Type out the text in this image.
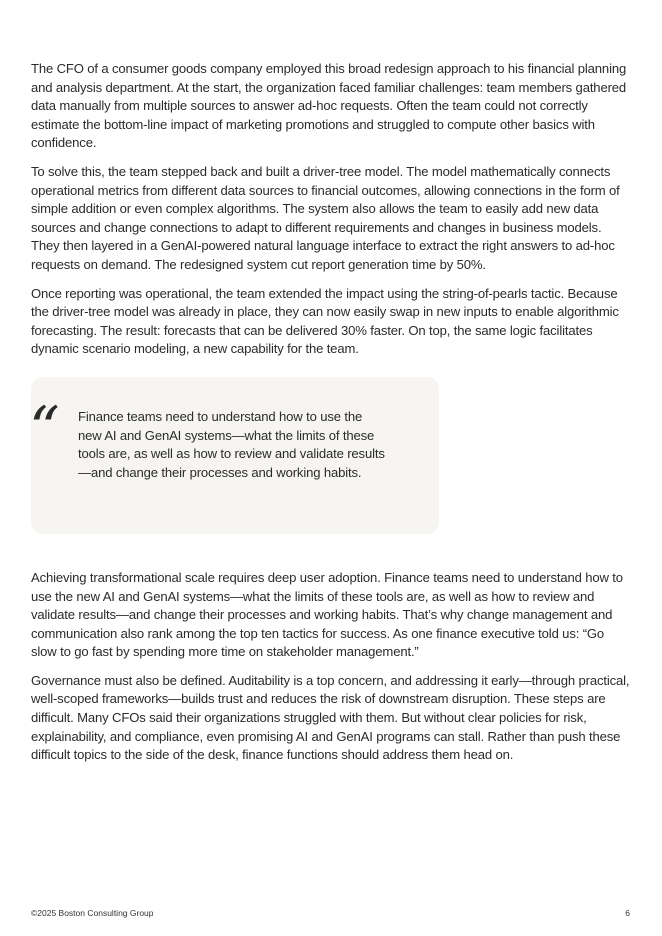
The CFO of a consumer goods company employed this broad redesign approach to his financial planning and analysis department. At the start, the organization faced familiar challenges: team members gathered data manually from multiple sources to answer ad-hoc requests. Often the team could not correctly estimate the bottom-line impact of marketing promotions and struggled to compute other basics with confidence.

To solve this, the team stepped back and built a driver-tree model. The model mathematically connects operational metrics from different data sources to financial outcomes, allowing connections in the form of simple addition or even complex algorithms. The system also allows the team to easily add new data sources and change connections to adapt to different requirements and changes in business models. They then layered in a GenAI-powered natural language interface to extract the right answers to ad-hoc requests on demand. The redesigned system cut report generation time by 50%.

Once reporting was operational, the team extended the impact using the string-of-pearls tactic. Because the driver-tree model was already in place, they can now easily swap in new inputs to enable algorithmic forecasting. The result: forecasts that can be delivered 30% faster. On top, the same logic facilitates dynamic scenario modeling, a new capability for the team.

“ Finance teams need to understand how to use the new AI and GenAI systems—what the limits of these tools are, as well as how to review and validate results—and change their processes and working habits.

Achieving transformational scale requires deep user adoption. Finance teams need to understand how to use the new AI and GenAI systems—what the limits of these tools are, as well as how to review and validate results—and change their processes and working habits. That’s why change management and communication also rank among the top ten tactics for success. As one finance executive told us: “Go slow to go fast by spending more time on stakeholder management.”

Governance must also be defined. Auditability is a top concern, and addressing it early—through practical, well-scoped frameworks—builds trust and reduces the risk of downstream disruption. These steps are difficult. Many CFOs said their organizations struggled with them. But without clear policies for risk, explainability, and compliance, even promising AI and GenAI programs can stall. Rather than push these difficult topics to the side of the desk, finance functions should address them head on.

©2025 Boston Consulting Group	6
